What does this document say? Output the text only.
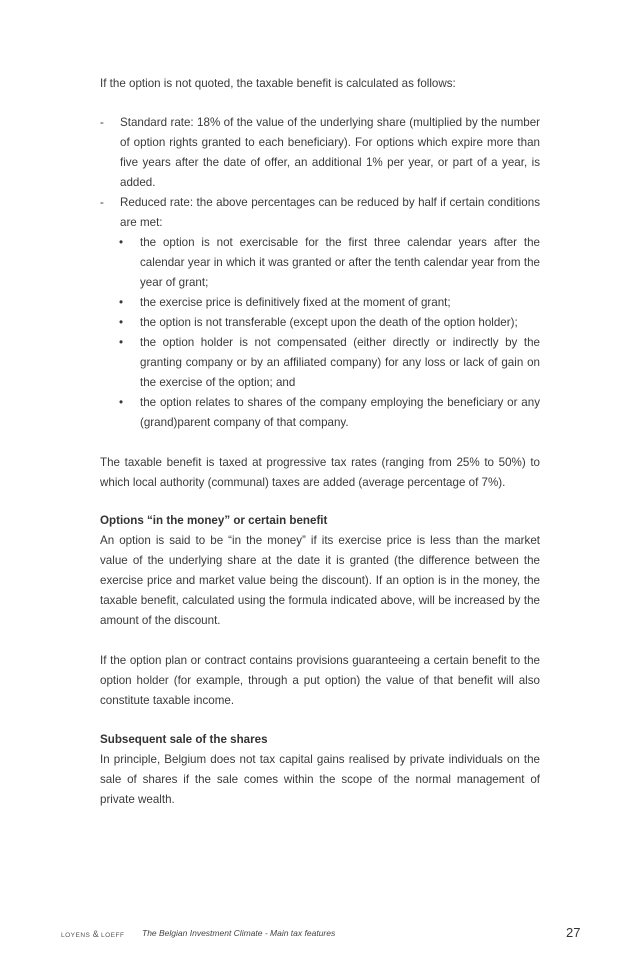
If the option is not quoted, the taxable benefit is calculated as follows:

- Standard rate: 18% of the value of the underlying share (multiplied by the number of option rights granted to each beneficiary). For options which expire more than five years after the date of offer, an additional 1% per year, or part of a year, is added.

- Reduced rate: the above percentages can be reduced by half if certain conditions are met:

• the option is not exercisable for the first three calendar years after the calendar year in which it was granted or after the tenth calendar year from the year of grant;

• the exercise price is definitively fixed at the moment of grant;

• the option is not transferable (except upon the death of the option holder);

• the option holder is not compensated (either directly or indirectly by the granting company or by an affiliated company) for any loss or lack of gain on the exercise of the option; and

• the option relates to shares of the company employing the beneficiary or any (grand)parent company of that company.

The taxable benefit is taxed at progressive tax rates (ranging from 25% to 50%) to which local authority (communal) taxes are added (average percentage of 7%).

Options “in the money” or certain benefit

An option is said to be “in the money” if its exercise price is less than the market value of the underlying share at the date it is granted (the difference between the exercise price and market value being the discount). If an option is in the money, the taxable benefit, calculated using the formula indicated above, will be increased by the amount of the discount.

If the option plan or contract contains provisions guaranteeing a certain benefit to the option holder (for example, through a put option) the value of that benefit will also constitute taxable income.

Subsequent sale of the shares

In principle, Belgium does not tax capital gains realised by private individuals on the sale of shares if the sale comes within the scope of the normal management of private wealth.

LOYENS & LOEFF The Belgian Investment Climate - Main tax features	27
